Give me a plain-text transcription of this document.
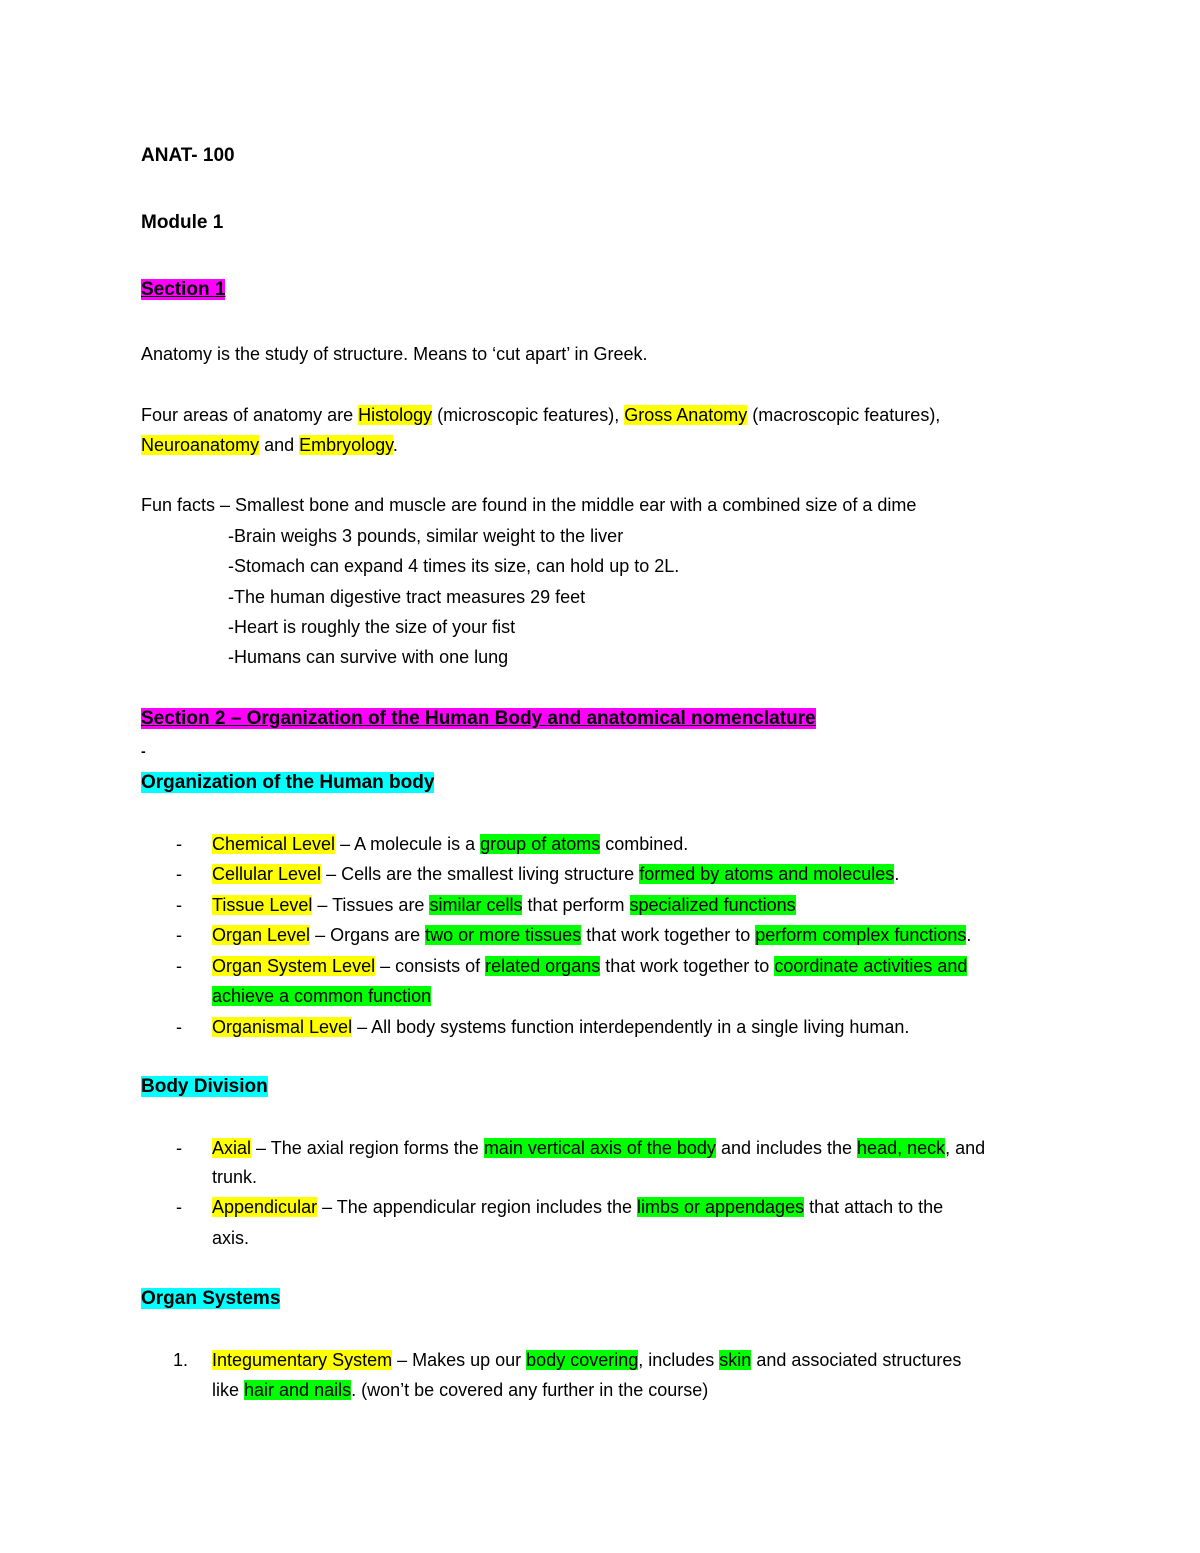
ANAT- 100
Module 1
Section 1
Anatomy is the study of structure. Means to ‘cut apart’ in Greek.
Four areas of anatomy are Histology (microscopic features), Gross Anatomy (macroscopic features),
Neuroanatomy and Embryology.
Fun facts – Smallest bone and muscle are found in the middle ear with a combined size of a dime
-Brain weighs 3 pounds, similar weight to the liver
-Stomach can expand 4 times its size, can hold up to 2L.
-The human digestive tract measures 29 feet
-Heart is roughly the size of your fist
-Humans can survive with one lung
Section 2 – Organization of the Human Body and anatomical nomenclature
-
Organization of the Human body
- Chemical Level – A molecule is a group of atoms combined.
- Cellular Level – Cells are the smallest living structure formed by atoms and molecules.
- Tissue Level – Tissues are similar cells that perform specialized functions
- Organ Level – Organs are two or more tissues that work together to perform complex functions.
- Organ System Level – consists of related organs that work together to coordinate activities and
achieve a common function
- Organismal Level – All body systems function interdependently in a single living human.
Body Division
- Axial – The axial region forms the main vertical axis of the body and includes the head, neck, and
trunk.
- Appendicular – The appendicular region includes the limbs or appendages that attach to the
axis.
Organ Systems
1. Integumentary System – Makes up our body covering, includes skin and associated structures
like hair and nails. (won’t be covered any further in the course)
